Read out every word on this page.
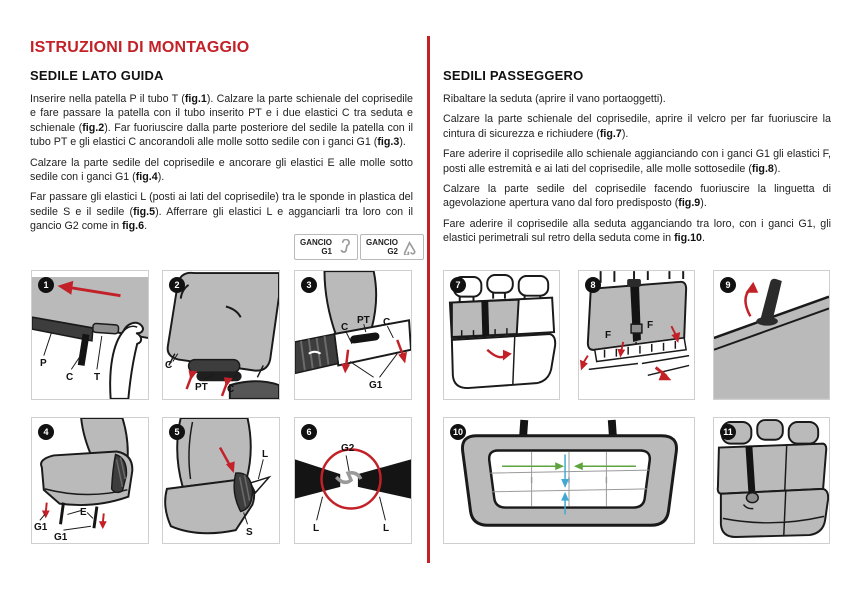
ISTRUZIONI DI MONTAGGIO
SEDILE LATO GUIDA

Inserire nella patella P il tubo T (fig.1). Calzare la parte schienale del coprisedile e fare passare la patella con il tubo inserito PT e i due elastici C tra seduta e schienale (fig.2). Far fuoriuscire dalla parte posteriore del sedile la patella con il tubo PT e gli elastici C ancorandoli alle molle sotto sedile con i ganci G1 (fig.3).

Calzare la parte sedile del coprisedile e ancorare gli elastici E alle molle sotto sedile con i ganci G1 (fig.4).

Far passare gli elastici L (posti ai lati del coprisedile) tra le sponde in plastica del sedile S e il sedile (fig.5). Afferrare gli elastici L e agganciarli tra loro con il gancio G2 come in fig.6.

GANCIO
G1
GANCIO
G2
SEDILI PASSEGGERO

Ribaltare la seduta (aprire il vano portaoggetti).

Calzare la parte schienale del coprisedile, aprire il velcro per far fuoriuscire la cintura di sicurezza e richiudere (fig.7).

Fare aderire il coprisedile allo schienale aggianciando con i ganci G1 gli elastici F, posti alle estremità e ai lati del coprisedile, alle molle sottosedile (fig.8).

Calzare la parte sedile del coprisedile facendo fuoriuscire la linguetta di agevolazione apertura vano dal foro predisposto (fig.9).

Fare aderire il coprisedile alla seduta agganciando tra loro, con i ganci G1, gli elastici perimetrali sul retro della seduta come in fig.10.

1
P
C T
2
C
PT C
3
C
PT C
G1
4
E
G1
G1
5
L
S
6
G2
L	L
7	8
F
F
9
10	11
